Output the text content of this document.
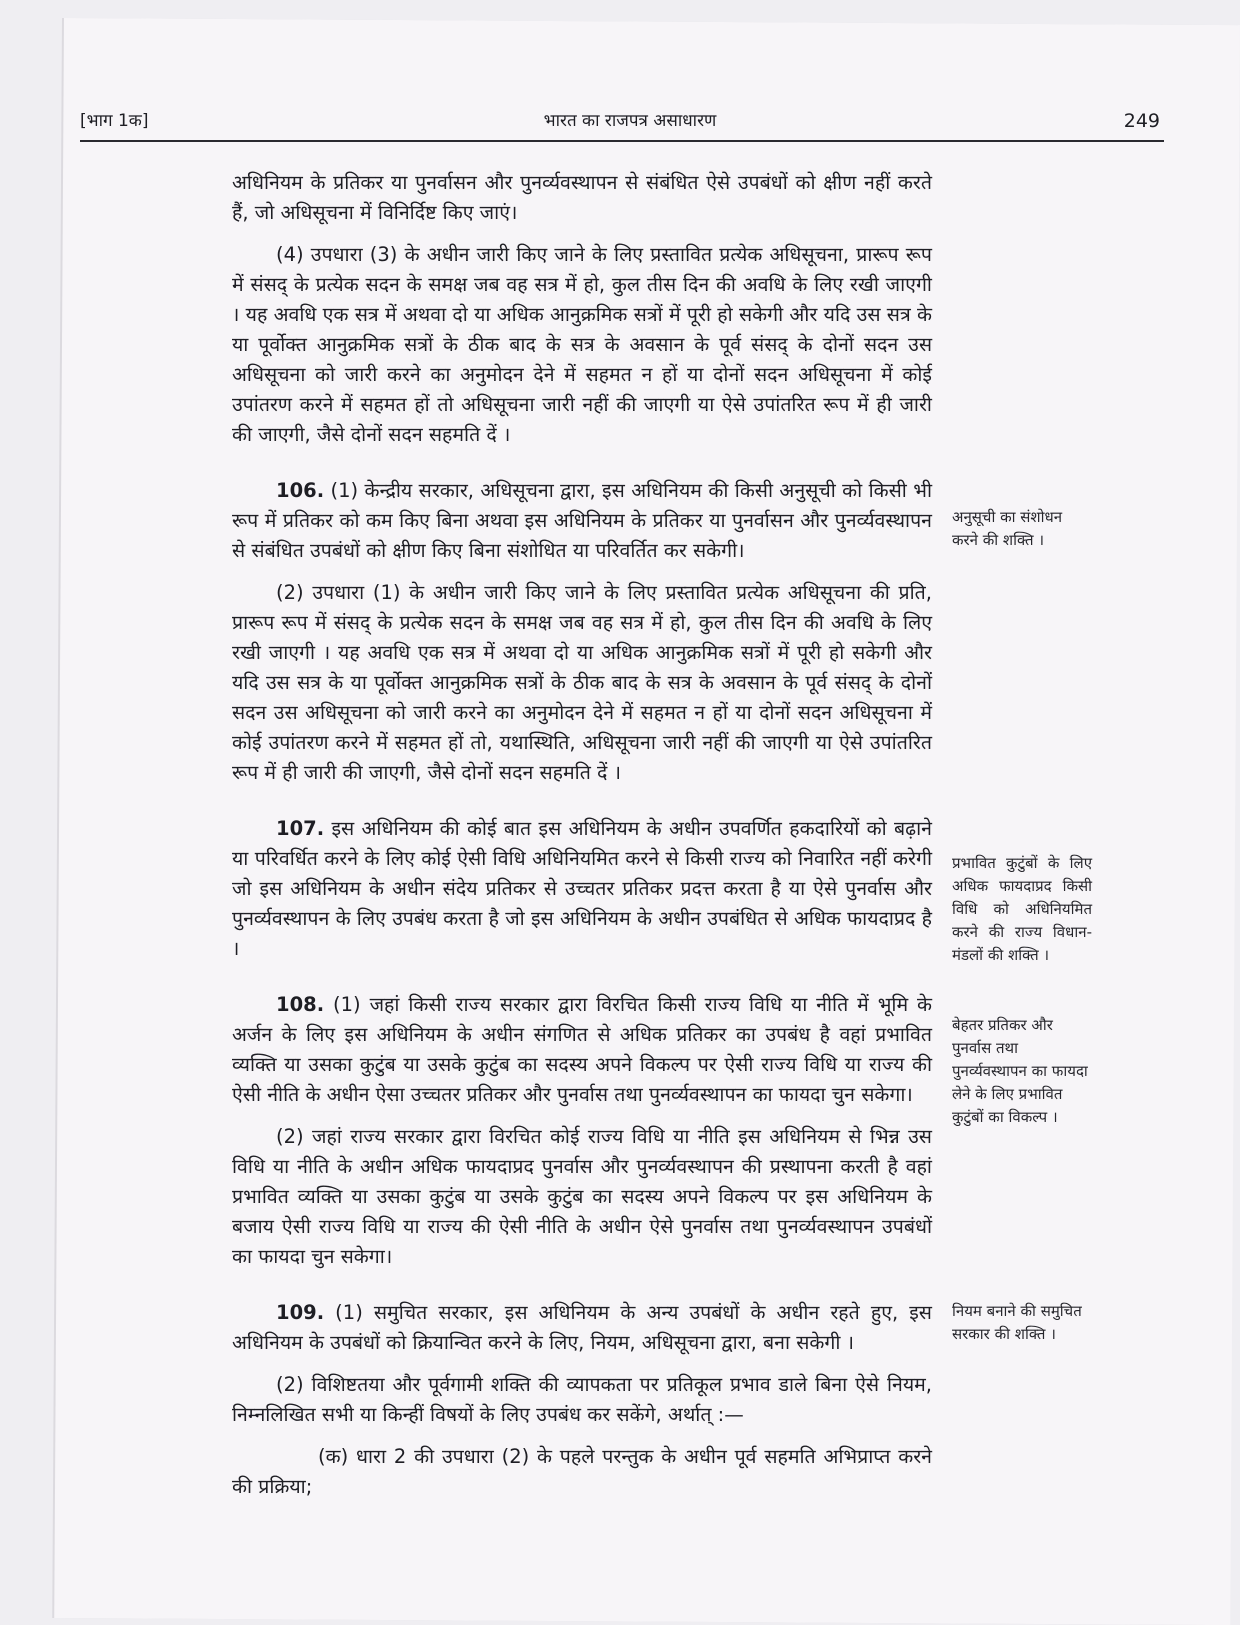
[भाग 1क]	भारत का राजपत्र असाधारण	249

अधिनियम के प्रतिकर या पुनर्वासन और पुनर्व्यवस्थापन से संबंधित ऐसे उपबंधों को क्षीण नहीं करते हैं, जो अधिसूचना में विनिर्दिष्ट किए जाएं।

(4) उपधारा (3) के अधीन जारी किए जाने के लिए प्रस्तावित प्रत्येक अधिसूचना, प्रारूप रूप में संसद् के प्रत्येक सदन के समक्ष जब वह सत्र में हो, कुल तीस दिन की अवधि के लिए रखी जाएगी । यह अवधि एक सत्र में अथवा दो या अधिक आनुक्रमिक सत्रों में पूरी हो सकेगी और यदि उस सत्र के या पूर्वोक्त आनुक्रमिक सत्रों के ठीक बाद के सत्र के अवसान के पूर्व संसद् के दोनों सदन उस अधिसूचना को जारी करने का अनुमोदन देने में सहमत न हों या दोनों सदन अधिसूचना में कोई उपांतरण करने में सहमत हों तो अधिसूचना जारी नहीं की जाएगी या ऐसे उपांतरित रूप में ही जारी की जाएगी, जैसे दोनों सदन सहमति दें ।

106. (1) केन्द्रीय सरकार, अधिसूचना द्वारा, इस अधिनियम की किसी अनुसूची को किसी भी रूप में प्रतिकर को कम किए बिना अथवा इस अधिनियम के प्रतिकर या पुनर्वासन और पुनर्व्यवस्थापन से संबंधित उपबंधों को क्षीण किए बिना संशोधित या परिवर्तित कर सकेगी।

(2) उपधारा (1) के अधीन जारी किए जाने के लिए प्रस्तावित प्रत्येक अधिसूचना की प्रति, प्रारूप रूप में संसद् के प्रत्येक सदन के समक्ष जब वह सत्र में हो, कुल तीस दिन की अवधि के लिए रखी जाएगी । यह अवधि एक सत्र में अथवा दो या अधिक आनुक्रमिक सत्रों में पूरी हो सकेगी और यदि उस सत्र के या पूर्वोक्त आनुक्रमिक सत्रों के ठीक बाद के सत्र के अवसान के पूर्व संसद् के दोनों सदन उस अधिसूचना को जारी करने का अनुमोदन देने में सहमत न हों या दोनों सदन अधिसूचना में कोई उपांतरण करने में सहमत हों तो, यथास्थिति, अधिसूचना जारी नहीं की जाएगी या ऐसे उपांतरित रूप में ही जारी की जाएगी, जैसे दोनों सदन सहमति दें ।

107. इस अधिनियम की कोई बात इस अधिनियम के अधीन उपवर्णित हकदारियों को बढ़ाने या परिवर्धित करने के लिए कोई ऐसी विधि अधिनियमित करने से किसी राज्य को निवारित नहीं करेगी जो इस अधिनियम के अधीन संदेय प्रतिकर से उच्चतर प्रतिकर प्रदत्त करता है या ऐसे पुनर्वास और पुनर्व्यवस्थापन के लिए उपबंध करता है जो इस अधिनियम के अधीन उपबंधित से अधिक फायदाप्रद है ।

108. (1) जहां किसी राज्य सरकार द्वारा विरचित किसी राज्य विधि या नीति में भूमि के अर्जन के लिए इस अधिनियम के अधीन संगणित से अधिक प्रतिकर का उपबंध है वहां प्रभावित व्यक्ति या उसका कुटुंब या उसके कुटुंब का सदस्य अपने विकल्प पर ऐसी राज्य विधि या राज्य की ऐसी नीति के अधीन ऐसा उच्चतर प्रतिकर और पुनर्वास तथा पुनर्व्यवस्थापन का फायदा चुन सकेगा।

(2) जहां राज्य सरकार द्वारा विरचित कोई राज्य विधि या नीति इस अधिनियम से भिन्न उस विधि या नीति के अधीन अधिक फायदाप्रद पुनर्वास और पुनर्व्यवस्थापन की प्रस्थापना करती है वहां प्रभावित व्यक्ति या उसका कुटुंब या उसके कुटुंब का सदस्य अपने विकल्प पर इस अधिनियम के बजाय ऐसी राज्य विधि या राज्य की ऐसी नीति के अधीन ऐसे पुनर्वास तथा पुनर्व्यवस्थापन उपबंधों का फायदा चुन सकेगा।

109. (1) समुचित सरकार, इस अधिनियम के अन्य उपबंधों के अधीन रहते हुए, इस अधिनियम के उपबंधों को क्रियान्वित करने के लिए, नियम, अधिसूचना द्वारा, बना सकेगी ।

(2) विशिष्टतया और पूर्वगामी शक्ति की व्यापकता पर प्रतिकूल प्रभाव डाले बिना ऐसे नियम, निम्नलिखित सभी या किन्हीं विषयों के लिए उपबंध कर सकेंगे, अर्थात् :—

(क) धारा 2 की उपधारा (2) के पहले परन्तुक के अधीन पूर्व सहमति अभिप्राप्त करने की प्रक्रिया;

अनुसूची का संशोधन करने की शक्ति ।
प्रभावित कुटुंबों के लिए अधिक फायदाप्रद किसी विधि को अधिनियमित करने की राज्य विधान-मंडलों की शक्ति ।
बेहतर प्रतिकर और पुनर्वास तथा पुनर्व्यवस्थापन का फायदा लेने के लिए प्रभावित कुटुंबों का विकल्प ।
नियम बनाने की समुचित सरकार की शक्ति ।
